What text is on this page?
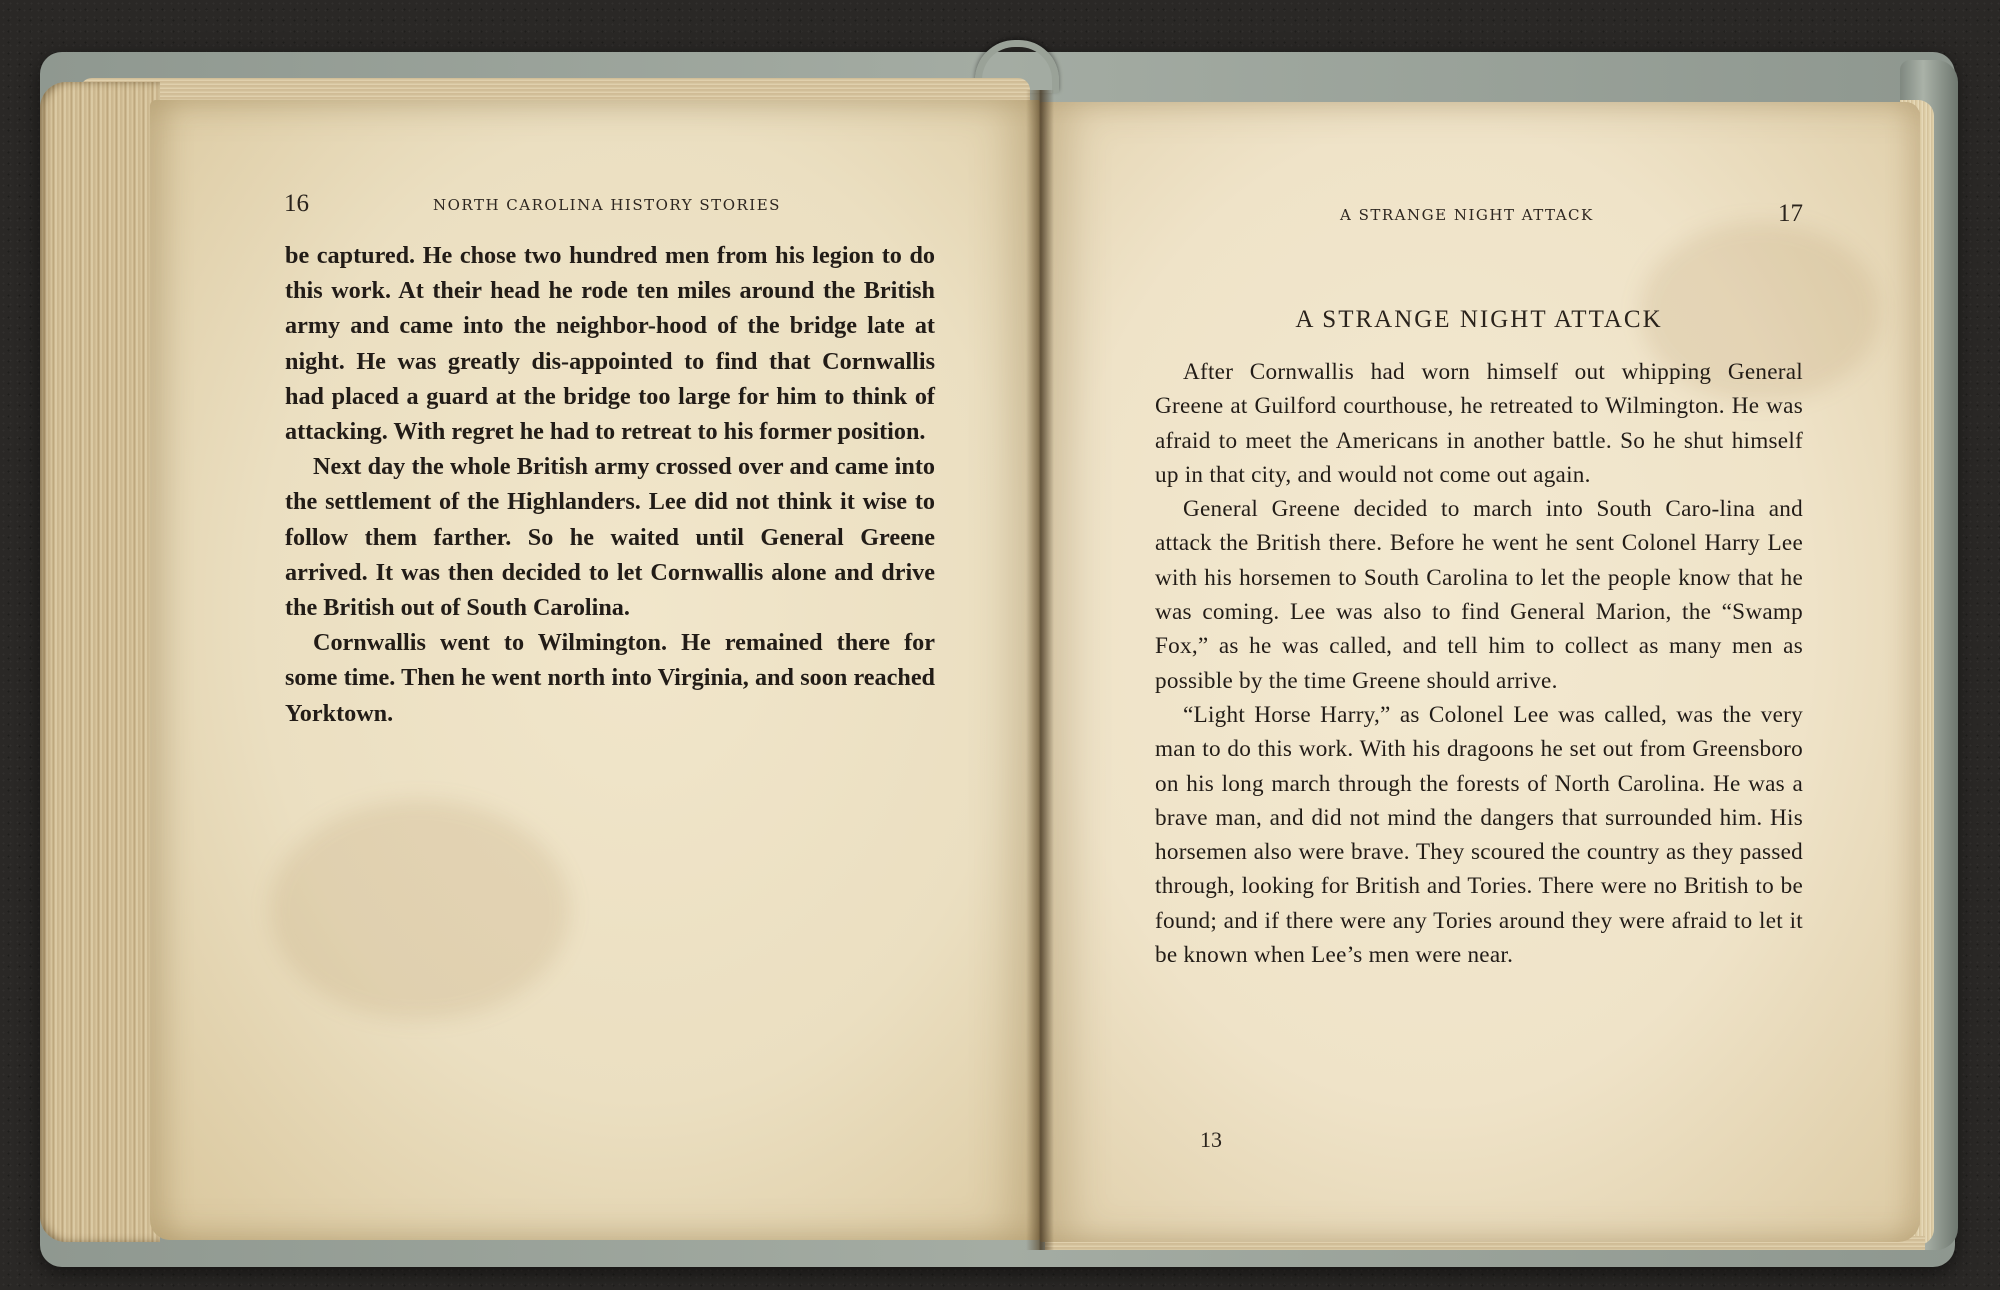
16	NORTH CAROLINA HISTORY STORIES

be captured. He chose two hundred men from his legion to do this work. At their head he rode ten miles around the British army and came into the neighbor-hood of the bridge late at night. He was greatly dis-appointed to find that Cornwallis had placed a guard at the bridge too large for him to think of attacking. With regret he had to retreat to his former position.

Next day the whole British army crossed over and came into the settlement of the Highlanders. Lee did not think it wise to follow them farther. So he waited until General Greene arrived. It was then decided to let Cornwallis alone and drive the British out of South Carolina.

Cornwallis went to Wilmington. He remained there for some time. Then he went north into Virginia, and soon reached Yorktown.

A STRANGE NIGHT ATTACK	17
A STRANGE NIGHT ATTACK

After Cornwallis had worn himself out whipping General Greene at Guilford courthouse, he retreated to Wilmington. He was afraid to meet the Americans in another battle. So he shut himself up in that city, and would not come out again.

General Greene decided to march into South Caro-lina and attack the British there. Before he went he sent Colonel Harry Lee with his horsemen to South Carolina to let the people know that he was coming. Lee was also to find General Marion, the “Swamp Fox,” as he was called, and tell him to collect as many men as possible by the time Greene should arrive.

“Light Horse Harry,” as Colonel Lee was called, was the very man to do this work. With his dragoons he set out from Greensboro on his long march through the forests of North Carolina. He was a brave man, and did not mind the dangers that surrounded him. His horsemen also were brave. They scoured the country as they passed through, looking for British and Tories. There were no British to be found; and if there were any Tories around they were afraid to let it be known when Lee’s men were near.

13
